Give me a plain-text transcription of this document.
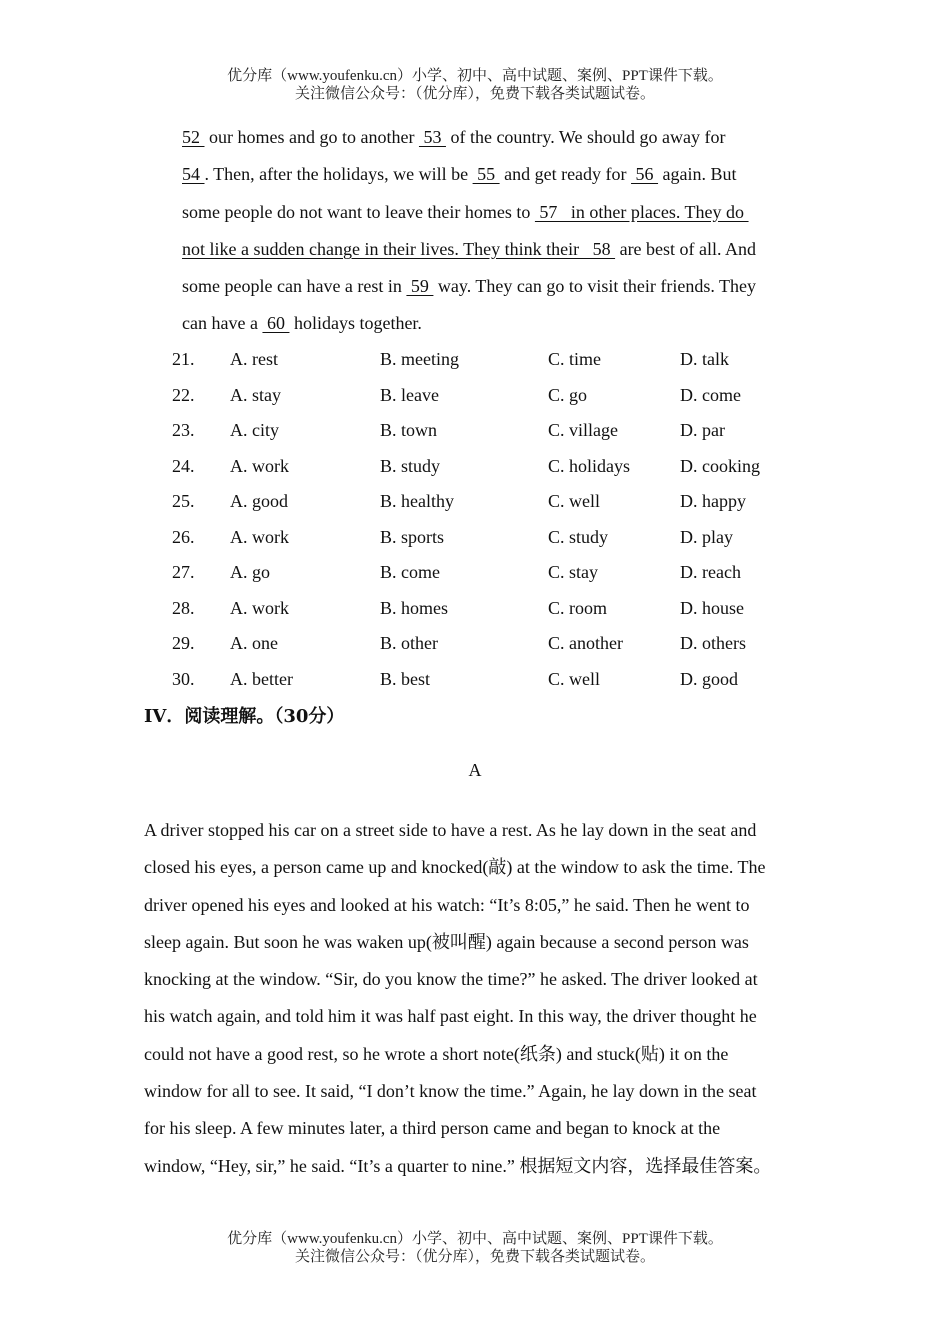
优分库（www.youfenku.cn）小学、初中、高中试题、案例、PPT课件下载。
关注微信公众号：（优分库），免费下载各类试题试卷。
52  our homes and go to another  53  of the country. We should go away for
54 . Then, after the holidays, we will be  55  and get ready for  56  again. But
some people do not want to leave their homes to  57   in other places. They do
not like a sudden change in their lives. They think their   58  are best of all. And
some people can have a rest in  59  way. They can go to visit their friends. They
can have a  60  holidays together.
21. A. rest	B. meeting	C. time	D. talk
22. A. stay	B. leave	C. go	D. come
23. A. city	B. town	C. village	D. par
24. A. work	B. study	C. holidays	D. cooking
25. A. good	B. healthy	C. well	D. happy
26. A. work	B. sports	C. study	D. play
27. A. go	B. come	C. stay	D. reach
28. A. work	B. homes	C. room	D. house
29. A. one	B. other	C. another	D. others
30. A. better	B. best	C. well	D. good
IV．阅读理解。（30分）
A
A driver stopped his car on a street side to have a rest. As he lay down in the seat and
closed his eyes, a person came up and knocked(敲) at the window to ask the time. The
driver opened his eyes and looked at his watch: “It’s 8:05,” he said. Then he went to
sleep again. But soon he was waken up(被叫醒) again because a second person was
knocking at the window. “Sir, do you know the time?” he asked. The driver looked at
his watch again, and told him it was half past eight. In this way, the driver thought he
could not have a good rest, so he wrote a short note(纸条) and stuck(贴) it on the
window for all to see. It said, “I don’t know the time.” Again, he lay down in the seat
for his sleep. A few minutes later, a third person came and began to knock at the
window, “Hey, sir,” he said. “It’s a quarter to nine.” 根据短文内容，选择最佳答案。
优分库（www.youfenku.cn）小学、初中、高中试题、案例、PPT课件下载。
关注微信公众号：（优分库），免费下载各类试题试卷。
